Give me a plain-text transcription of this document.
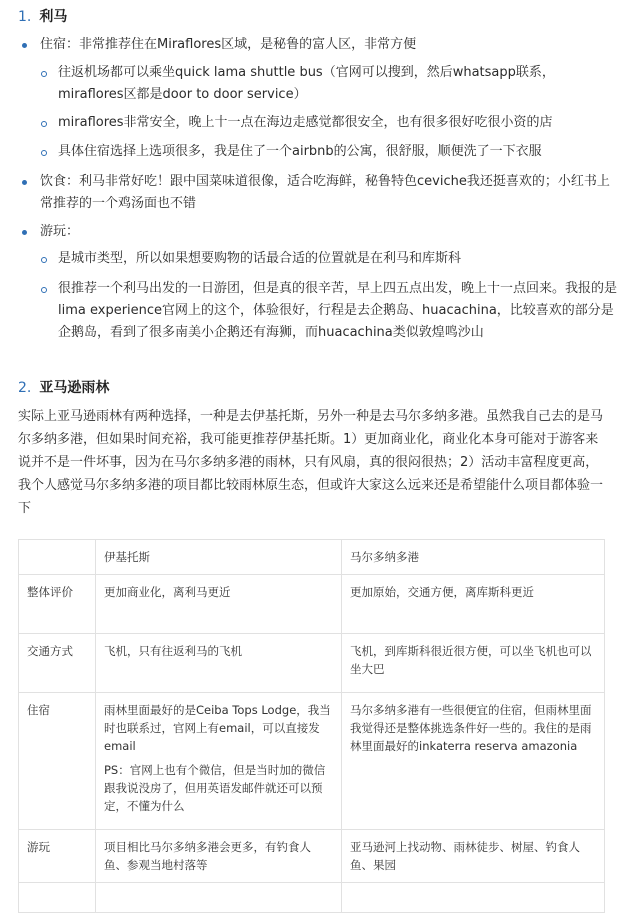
1. 利马
住宿：非常推荐住在Miraflores区域，是秘鲁的富人区，非常方便
往返机场都可以乘坐quick lama shuttle bus（官网可以搜到，然后whatsapp联系，miraflores区都是door to door service）
miraflores非常安全，晚上十一点在海边走感觉都很安全，也有很多很好吃很小资的店
具体住宿选择上选项很多，我是住了一个airbnb的公寓，很舒服，顺便洗了一下衣服
饮食：利马非常好吃！跟中国菜味道很像，适合吃海鲜，秘鲁特色ceviche我还挺喜欢的；小红书上常推荐的一个鸡汤面也不错
游玩：
是城市类型，所以如果想要购物的话最合适的位置就是在利马和库斯科
很推荐一个利马出发的一日游团，但是真的很辛苦，早上四五点出发，晚上十一点回来。我报的是lima experience官网上的这个，体验很好，行程是去企鹅岛、huacachina，比较喜欢的部分是企鹅岛，看到了很多南美小企鹅还有海狮，而huacachina类似敦煌鸣沙山
2. 亚马逊雨林
实际上亚马逊雨林有两种选择，一种是去伊基托斯，另外一种是去马尔多纳多港。虽然我自己去的是马尔多纳多港，但如果时间充裕，我可能更推荐伊基托斯。1）更加商业化，商业化本身可能对于游客来说并不是一件坏事，因为在马尔多纳多港的雨林，只有风扇，真的很闷很热；2）活动丰富程度更高，我个人感觉马尔多纳多港的项目都比较雨林原生态，但或许大家这么远来还是希望能什么项目都体验一下
	伊基托斯	马尔多纳多港
整体评价	更加商业化，离利马更近	更加原始，交通方便，离库斯科更近
交通方式	飞机，只有往返利马的飞机	飞机，到库斯科很近很方便，可以坐飞机也可以坐大巴
住宿	雨林里面最好的是Ceiba Tops Lodge，我当时也联系过，官网上有email，可以直接发email
PS：官网上也有个微信，但是当时加的微信跟我说没房了，但用英语发邮件就还可以预定，不懂为什么	马尔多纳多港有一些很便宜的住宿，但雨林里面我觉得还是整体挑选条件好一些的。我住的是雨林里面最好的inkaterra reserva amazonia
游玩	项目相比马尔多纳多港会更多，有钓食人鱼、参观当地村落等	亚马逊河上找动物、雨林徒步、树屋、钓食人鱼、果园
